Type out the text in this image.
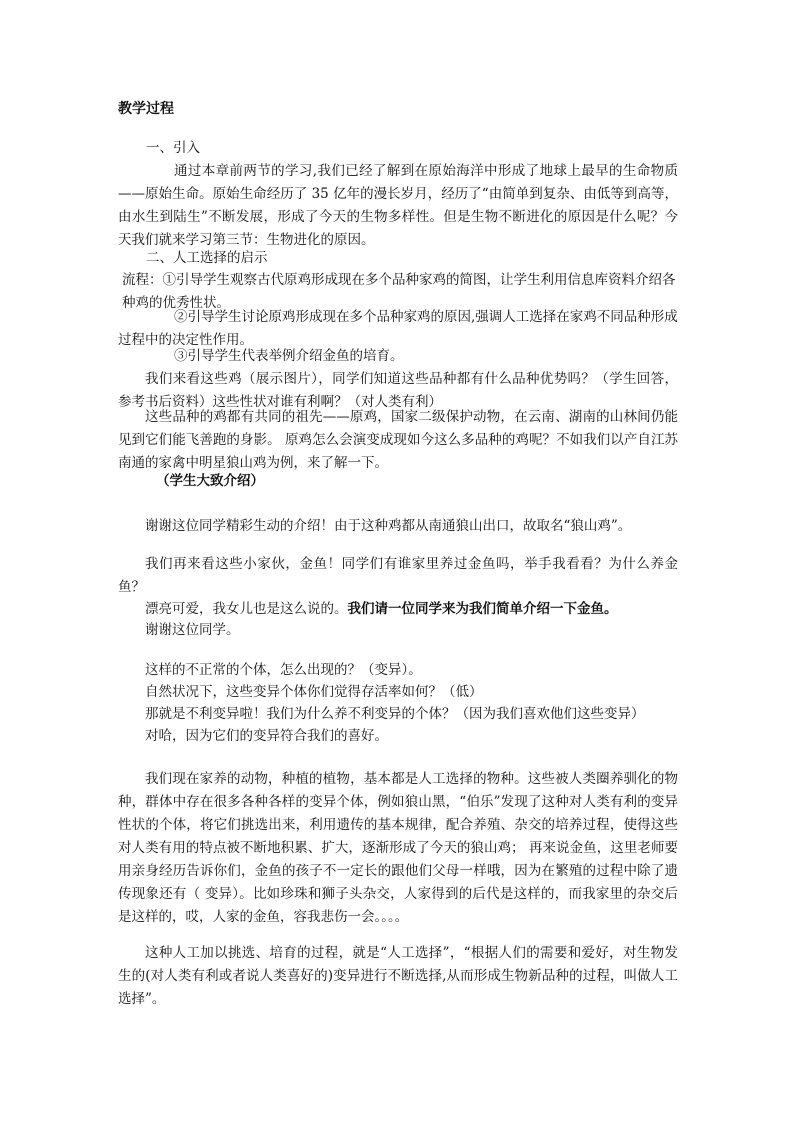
教学过程
一、引入

通过本章前两节的学习,我们已经了解到在原始海洋中形成了地球上最早的生命物质——原始生命。原始生命经历了 35 亿年的漫长岁月，经历了“由简单到复杂、由低等到高等，由水生到陆生”不断发展，形成了今天的生物多样性。但是生物不断进化的原因是什么呢？今天我们就来学习第三节：生物进化的原因。

二、人工选择的启示

流程：①引导学生观察古代原鸡形成现在多个品种家鸡的简图，让学生利用信息库资料介绍各种鸡的优秀性状。

②引导学生讨论原鸡形成现在多个品种家鸡的原因,强调人工选择在家鸡不同品种形成过程中的决定性作用。

③引导学生代表举例介绍金鱼的培育。

我们来看这些鸡（展示图片），同学们知道这些品种都有什么品种优势吗？（学生回答，参考书后资料）这些性状对谁有利啊？（对人类有利）

这些品种的鸡都有共同的祖先——原鸡，国家二级保护动物，在云南、湖南的山林间仍能见到它们能飞善跑的身影。 原鸡怎么会演变成现如今这么多品种的鸡呢？不如我们以产自江苏南通的家禽中明星狼山鸡为例，来了解一下。

（学生大致介绍）

谢谢这位同学精彩生动的介绍！由于这种鸡都从南通狼山出口，故取名“狼山鸡”。

我们再来看这些小家伙，金鱼！同学们有谁家里养过金鱼吗，举手我看看？为什么养金鱼？

漂亮可爱，我女儿也是这么说的。我们请一位同学来为我们简单介绍一下金鱼。

谢谢这位同学。

这样的不正常的个体，怎么出现的？（变异）。

自然状况下，这些变异个体你们觉得存活率如何？（低）

那就是不利变异啦！我们为什么养不利变异的个体？（因为我们喜欢他们这些变异）

对哈，因为它们的变异符合我们的喜好。

我们现在家养的动物，种植的植物，基本都是人工选择的物种。这些被人类圈养驯化的物种，群体中存在很多各种各样的变异个体，例如狼山黑，“伯乐”发现了这种对人类有利的变异性状的个体，将它们挑选出来，利用遗传的基本规律，配合养殖、杂交的培养过程，使得这些对人类有用的特点被不断地积累、扩大，逐渐形成了今天的狼山鸡； 再来说金鱼，这里老师要用亲身经历告诉你们，金鱼的孩子不一定长的跟他们父母一样哦，因为在繁殖的过程中除了遗传现象还有（ 变异）。比如珍珠和狮子头杂交，人家得到的后代是这样的，而我家里的杂交后是这样的，哎，人家的金鱼，容我悲伤一会。。。。

这种人工加以挑选、培育的过程，就是“人工选择”，“根据人们的需要和爱好，对生物发生的(对人类有利或者说人类喜好的)变异进行不断选择,从而形成生物新品种的过程，叫做人工选择”。
